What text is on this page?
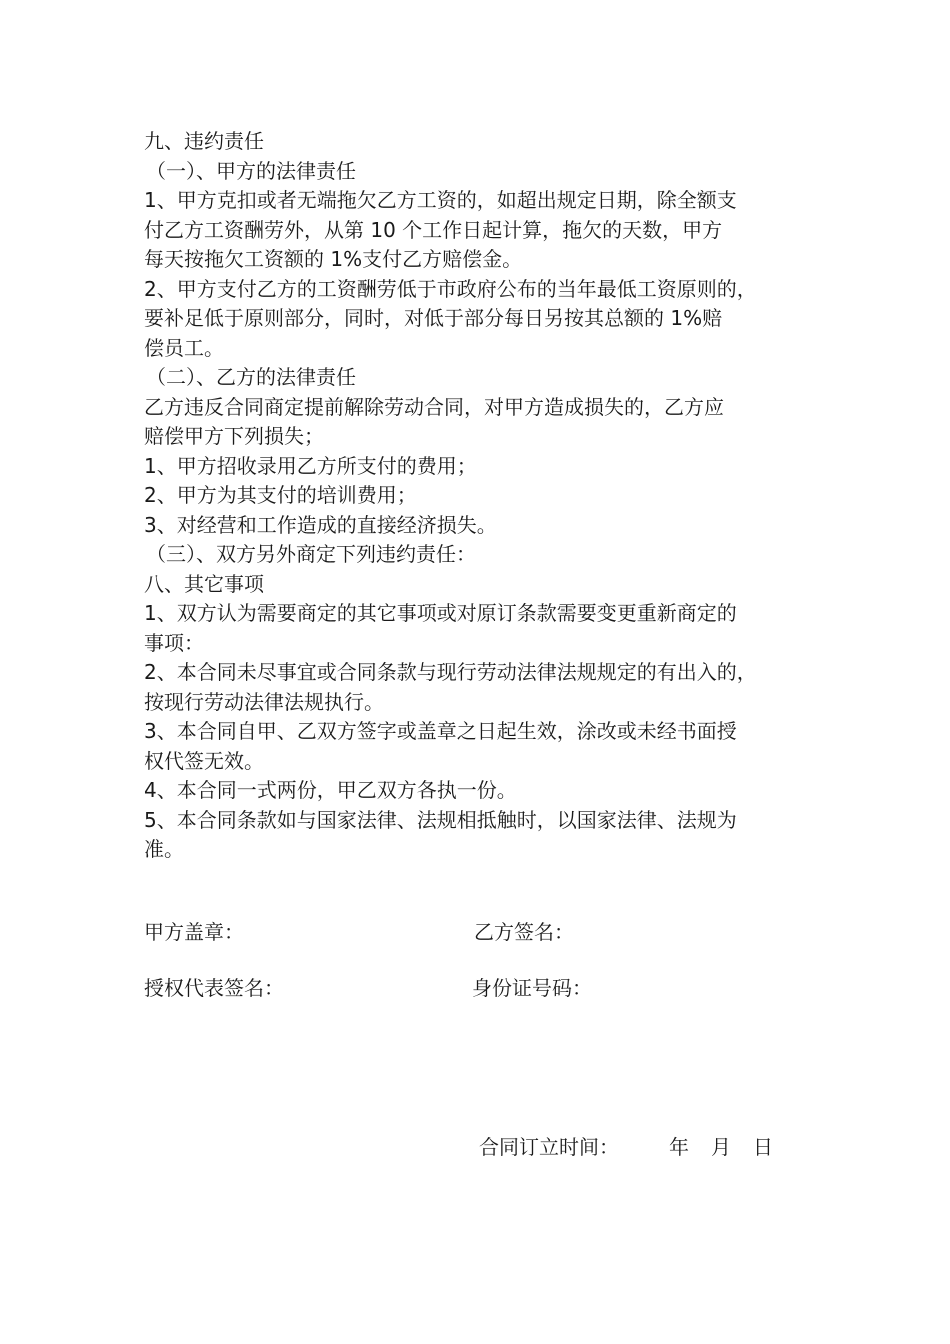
九、违约责任
（一）、甲方的法律责任
1、甲方克扣或者无端拖欠乙方工资的，如超出规定日期，除全额支
付乙方工资酬劳外，从第 10 个工作日起计算，拖欠的天数，甲方
每天按拖欠工资额的 1%支付乙方赔偿金。
2、甲方支付乙方的工资酬劳低于市政府公布的当年最低工资原则的，
要补足低于原则部分，同时，对低于部分每日另按其总额的 1%赔
偿员工。
（二）、乙方的法律责任
乙方违反合同商定提前解除劳动合同，对甲方造成损失的，乙方应
赔偿甲方下列损失；
1、甲方招收录用乙方所支付的费用；
2、甲方为其支付的培训费用；
3、对经营和工作造成的直接经济损失。
（三）、双方另外商定下列违约责任：
八、其它事项
1、双方认为需要商定的其它事项或对原订条款需要变更重新商定的
事项：
2、本合同未尽事宜或合同条款与现行劳动法律法规规定的有出入的，
按现行劳动法律法规执行。
3、本合同自甲、乙双方签字或盖章之日起生效，涂改或未经书面授
权代签无效。
4、本合同一式两份，甲乙双方各执一份。
5、本合同条款如与国家法律、法规相抵触时，以国家法律、法规为
准。
甲方盖章：	乙方签名：
授权代表签名：	身份证号码：
合同订立时间：	年 月 日
